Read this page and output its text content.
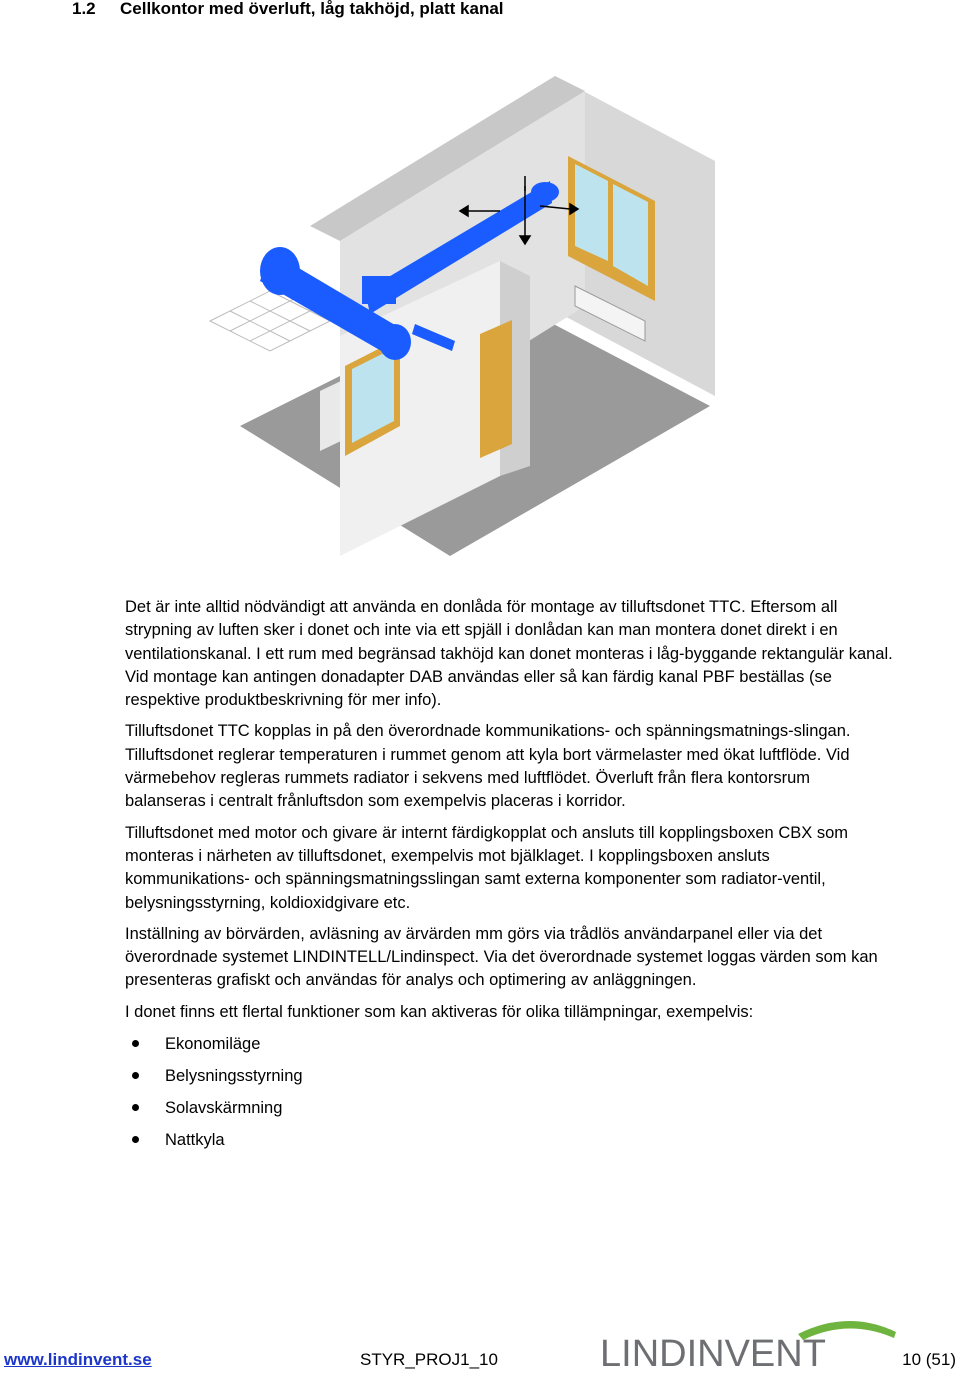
1.2 Cellkontor med överluft, låg takhöjd, platt kanal

Det är inte alltid nödvändigt att använda en donlåda för montage av tilluftsdonet TTC. Eftersom all strypning av luften sker i donet och inte via ett spjäll i donlådan kan man montera donet direkt i en ventilationskanal. I ett rum med begränsad takhöjd kan donet monteras i låg-byggande rektangulär kanal. Vid montage kan antingen donadapter DAB användas eller så kan färdig kanal PBF beställas (se respektive produktbeskrivning för mer info).

Tilluftsdonet TTC kopplas in på den överordnade kommunikations- och spänningsmatnings-slingan. Tilluftsdonet reglerar temperaturen i rummet genom att kyla bort värmelaster med ökat luftflöde. Vid värmebehov regleras rummets radiator i sekvens med luftflödet. Överluft från flera kontorsrum balanseras i centralt frånluftsdon som exempelvis placeras i korridor.

Tilluftsdonet med motor och givare är internt färdigkopplat och ansluts till kopplingsboxen CBX som monteras i närheten av tilluftsdonet, exempelvis mot bjälklaget. I kopplingsboxen ansluts kommunikations- och spänningsmatningsslingan samt externa komponenter som radiator-ventil, belysningsstyrning, koldioxidgivare etc.

Inställning av börvärden, avläsning av ärvärden mm görs via trådlös användarpanel eller via det överordnade systemet LINDINTELL/Lindinspect. Via det överordnade systemet loggas värden som kan presenteras grafiskt och användas för analys och optimering av anläggningen.

I donet finns ett flertal funktioner som kan aktiveras för olika tillämpningar, exempelvis:

Ekonomiläge
Belysningsstyrning
Solavskärmning
Nattkyla
www.lindinvent.se	STYR_PROJ1_10	LINDINVENT	10 (51)
